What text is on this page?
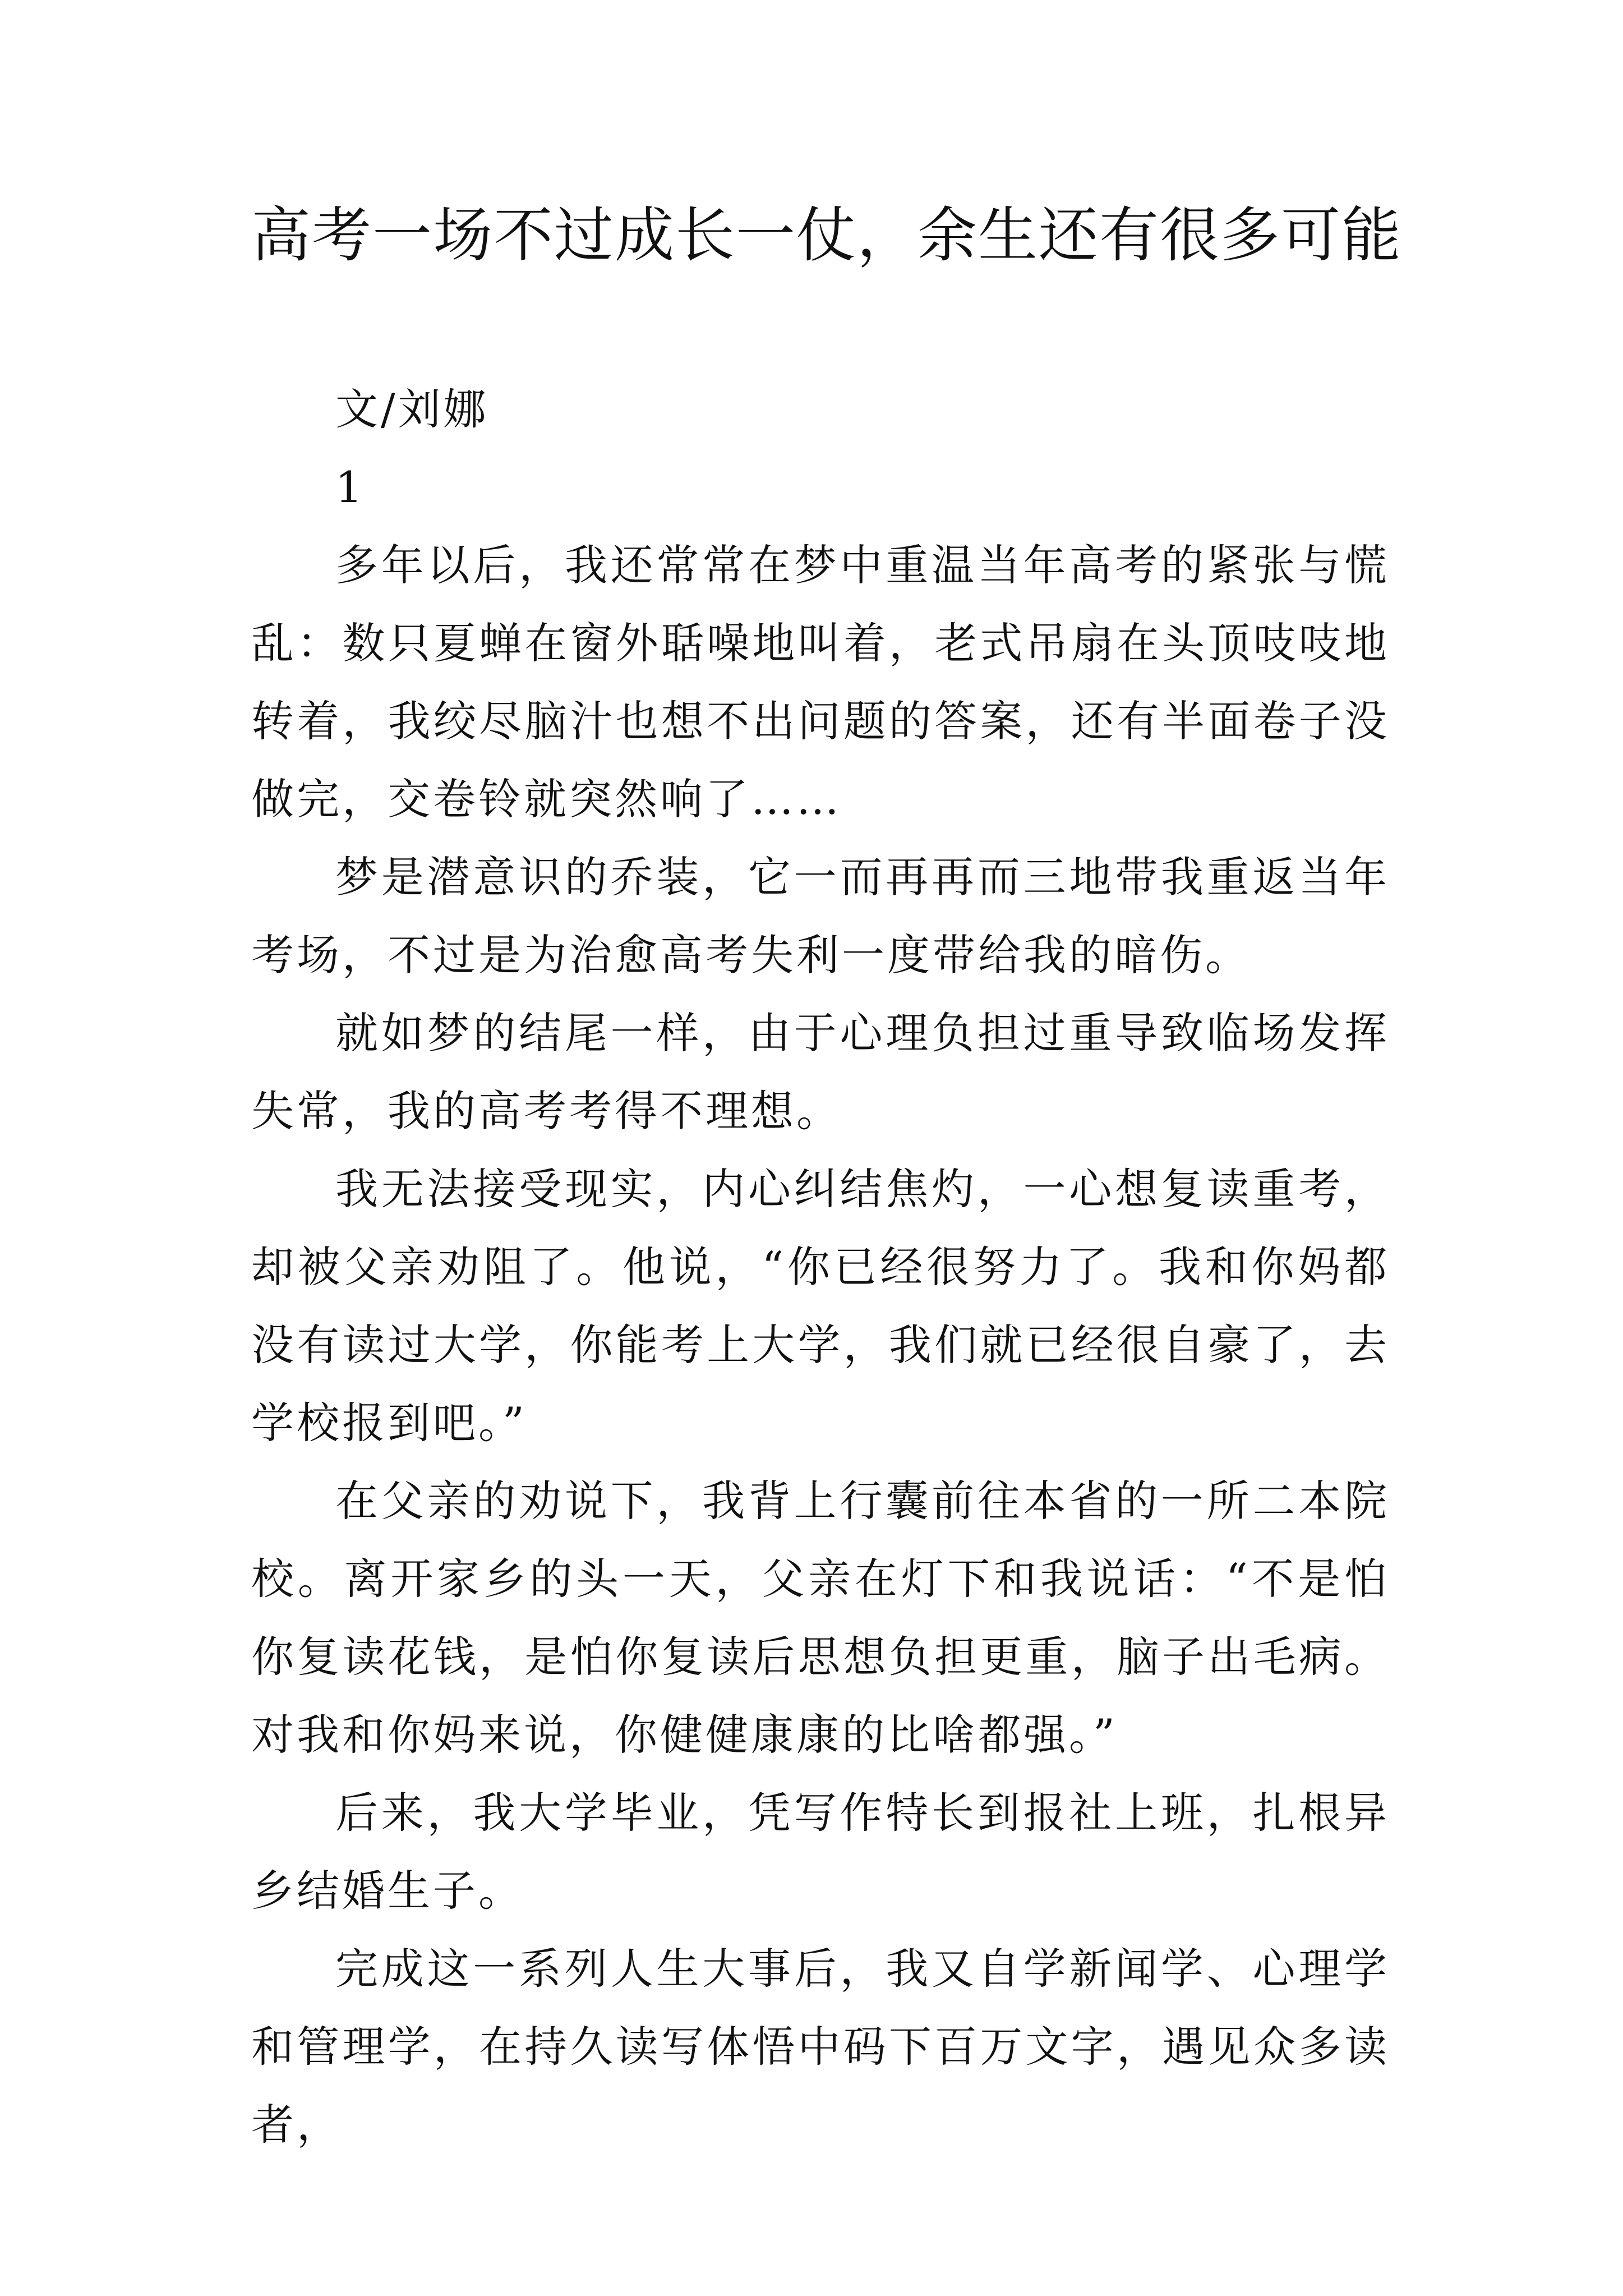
高考一场不过成长一仗，余生还有很多可能

文/刘娜

1

多年以后，我还常常在梦中重温当年高考的紧张与慌乱：数只夏蝉在窗外聒噪地叫着，老式吊扇在头顶吱吱地转着，我绞尽脑汁也想不出问题的答案，还有半面卷子没做完，交卷铃就突然响了……

梦是潜意识的乔装，它一而再再而三地带我重返当年考场，不过是为治愈高考失利一度带给我的暗伤。

就如梦的结尾一样，由于心理负担过重导致临场发挥失常，我的高考考得不理想。

我无法接受现实，内心纠结焦灼，一心想复读重考，却被父亲劝阻了。他说，“你已经很努力了。我和你妈都没有读过大学，你能考上大学，我们就已经很自豪了，去学校报到吧。”

在父亲的劝说下，我背上行囊前往本省的一所二本院校。离开家乡的头一天，父亲在灯下和我说话：“不是怕你复读花钱，是怕你复读后思想负担更重，脑子出毛病。对我和你妈来说，你健健康康的比啥都强。”

后来，我大学毕业，凭写作特长到报社上班，扎根异乡结婚生子。

完成这一系列人生大事后，我又自学新闻学、心理学和管理学，在持久读写体悟中码下百万文字，遇见众多读者，
